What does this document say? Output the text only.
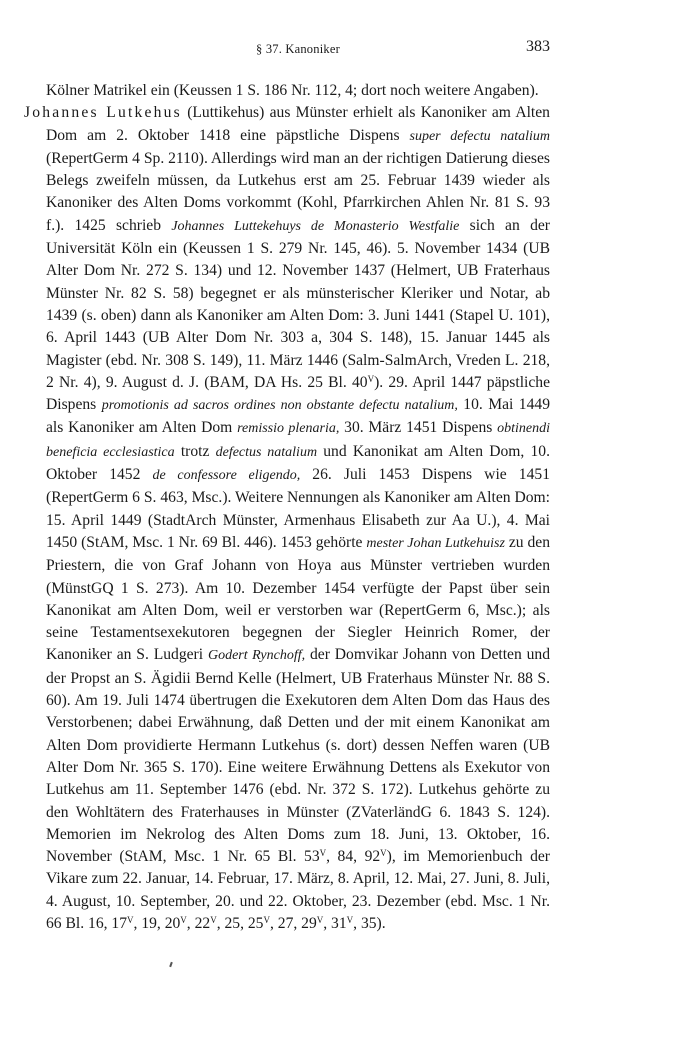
§ 37. Kanoniker	383

Kölner Matrikel ein (Keussen 1 S. 186 Nr. 112, 4; dort noch weitere Angaben).

Johannes Lutkehus (Luttikehus) aus Münster erhielt als Kanoniker am Alten Dom am 2. Oktober 1418 eine päpstliche Dispens super defectu natalium (RepertGerm 4 Sp. 2110). Allerdings wird man an der richtigen Datierung dieses Belegs zweifeln müssen, da Lutkehus erst am 25. Februar 1439 wieder als Kanoniker des Alten Doms vorkommt (Kohl, Pfarrkirchen Ahlen Nr. 81 S. 93 f.). 1425 schrieb Johannes Luttekehuys de Monasterio Westfalie sich an der Universität Köln ein (Keussen 1 S. 279 Nr. 145, 46). 5. November 1434 (UB Alter Dom Nr. 272 S. 134) und 12. November 1437 (Helmert, UB Fraterhaus Münster Nr. 82 S. 58) begegnet er als münsterischer Kleriker und Notar, ab 1439 (s. oben) dann als Kanoniker am Alten Dom: 3. Juni 1441 (Stapel U. 101), 6. April 1443 (UB Alter Dom Nr. 303 a, 304 S. 148), 15. Januar 1445 als Magister (ebd. Nr. 308 S. 149), 11. März 1446 (Salm-SalmArch, Vreden L. 218, 2 Nr. 4), 9. August d. J. (BAM, DA Hs. 25 Bl. $40^V$). 29. April 1447 päpstliche Dispens promotionis ad sacros ordines non obstante defectu natalium, 10. Mai 1449 als Kanoniker am Alten Dom remissio plenaria, 30. März 1451 Dispens obtinendi beneficia ecclesiastica trotz defectus natalium und Kanonikat am Alten Dom, 10. Oktober 1452 de confessore eligendo, 26. Juli 1453 Dispens wie 1451 (RepertGerm 6 S. 463, Msc.). Weitere Nennungen als Kanoniker am Alten Dom: 15. April 1449 (StadtArch Münster, Armenhaus Elisabeth zur Aa U.), 4. Mai 1450 (StAM, Msc. 1 Nr. 69 Bl. 446). 1453 gehörte mester Johan Lutkehuisz zu den Priestern, die von Graf Johann von Hoya aus Münster vertrieben wurden (MünstGQ 1 S. 273). Am 10. Dezember 1454 verfügte der Papst über sein Kanonikat am Alten Dom, weil er verstorben war (RepertGerm 6, Msc.); als seine Testamentsexekutoren begegnen der Siegler Heinrich Romer, der Kanoniker an S. Ludgeri Godert Rynchoff, der Domvikar Johann von Detten und der Propst an S. Ägidii Bernd Kelle (Helmert, UB Fraterhaus Münster Nr. 88 S. 60). Am 19. Juli 1474 übertrugen die Exekutoren dem Alten Dom das Haus des Verstorbenen; dabei Erwähnung, daß Detten und der mit einem Kanonikat am Alten Dom providierte Hermann Lutkehus (s. dort) dessen Neffen waren (UB Alter Dom Nr. 365 S. 170). Eine weitere Erwähnung Dettens als Exekutor von Lutkehus am 11. September 1476 (ebd. Nr. 372 S. 172). Lutkehus gehörte zu den Wohltätern des Fraterhauses in Münster (ZVaterländG 6. 1843 S. 124). Memorien im Nekrolog des Alten Doms zum 18. Juni, 13. Oktober, 16. November (StAM, Msc. 1 Nr. 65 Bl. $53^V$, 84, $92^V$), im Memorienbuch der Vikare zum 22. Januar, 14. Februar, 17. März, 8. April, 12. Mai, 27. Juni, 8. Juli, 4. August, 10. September, 20. und 22. Oktober, 23. Dezember (ebd. Msc. 1 Nr. 66 Bl. 16, $17^V$, 19, $20^V$, $22^V$, 25, $25^V$, 27, $29^V$, $31^V$, 35).
